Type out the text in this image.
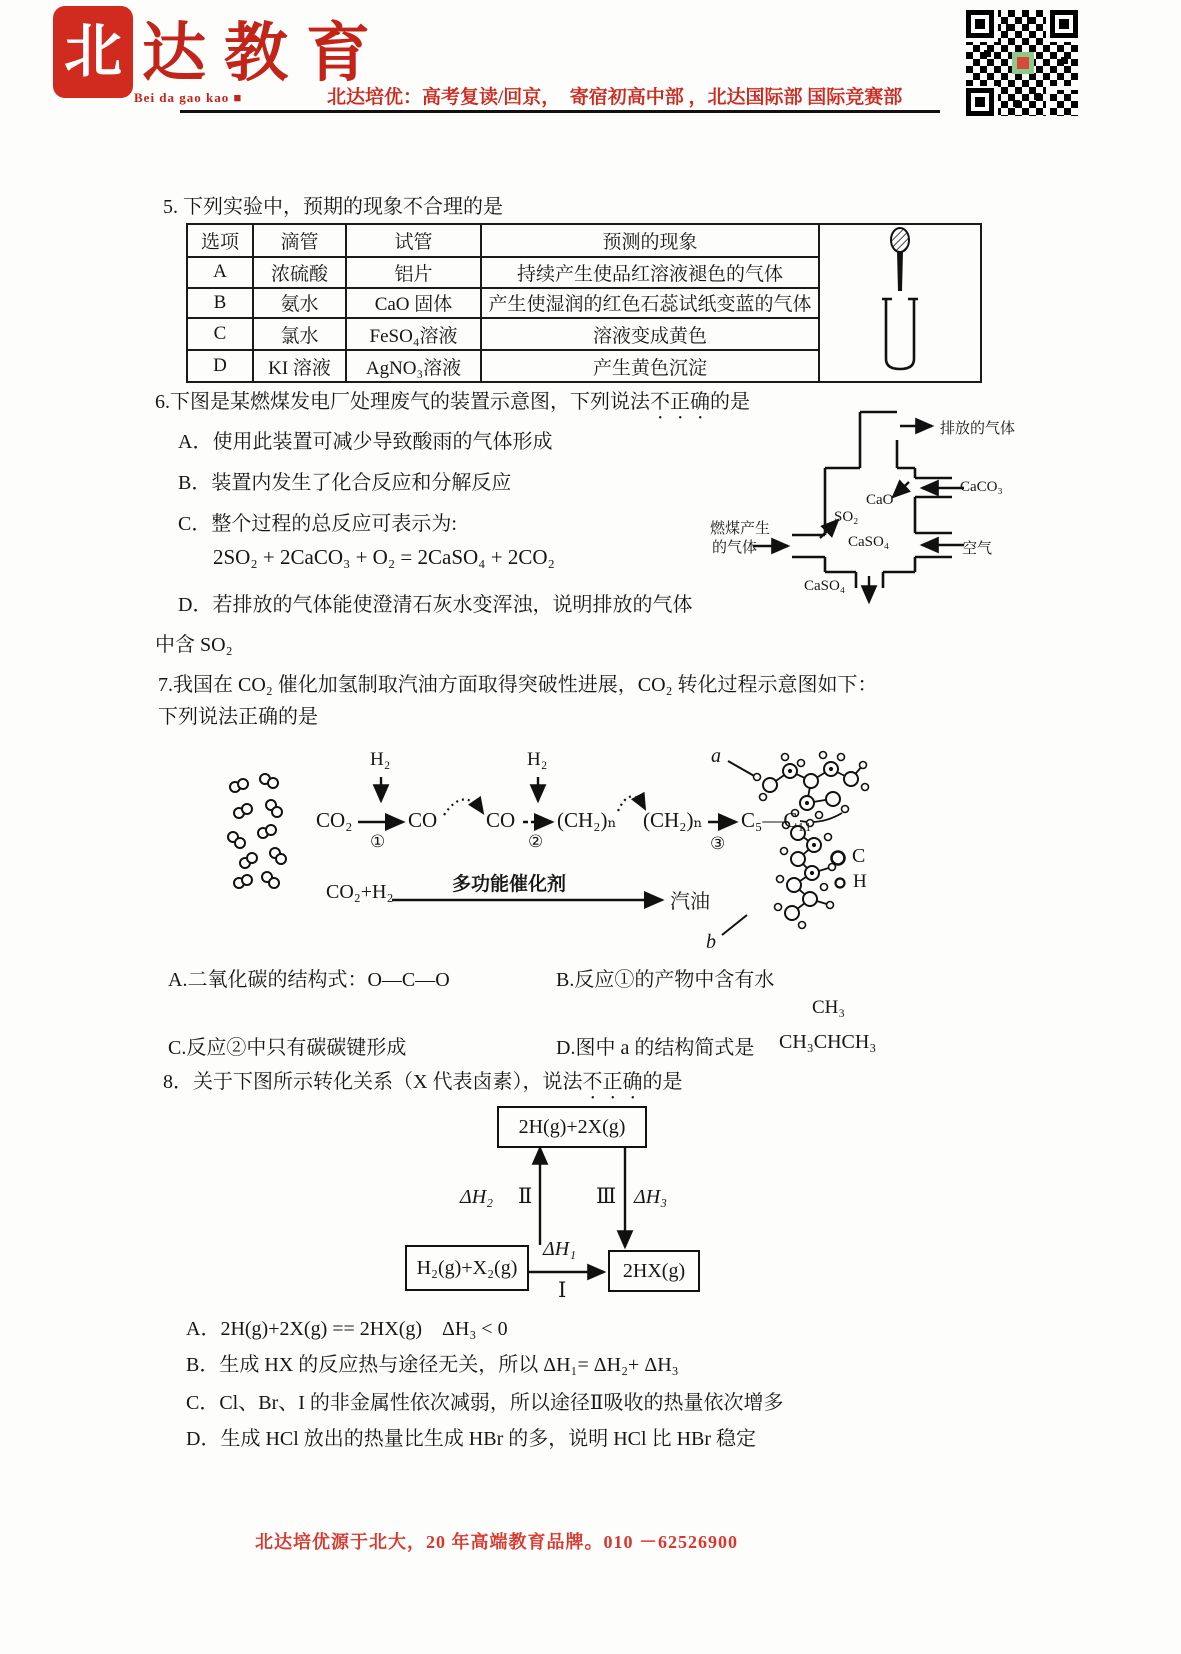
北 达教育
Bei da gao kao ■	北达培优：高考复读/回京，　寄宿初高中部 ，北达国际部 国际竞赛部
5. 下列实验中，预期的现象不合理的是
选项	滴管	试管	预测的现象	
A	浓硫酸	铝片	持续产生使品红溶液褪色的气体	
B	氨水	CaO 固体	产生使湿润的红色石蕊试纸变蓝的气体	
C	氯水	FeSO₄溶液	溶液变成黄色	
D	KI 溶液	AgNO₃溶液	产生黄色沉淀	
6.下图是某燃煤发电厂处理废气的装置示意图，下列说法不正确的是
A．使用此装置可减少导致酸雨的气体形成
B．装置内发生了化合反应和分解反应
C．整个过程的总反应可表示为:
2SO₂ + 2CaCO₃ + O₂ = 2CaSO₄ + 2CO₂
D．若排放的气体能使澄清石灰水变浑浊，说明排放的气体
中含 SO₂
排放的气体
CaCO₃
CaO
SO₂
CaSO₄	空气
燃煤产生
的气体
CaSO₄
7.我国在 CO₂ 催化加氢制取汽油方面取得突破性进展，CO₂ 转化过程示意图如下：
下列说法正确的是
CO₂
H₂
①
CO CO
H₂
②
(CH₂)ₙ (CH₂)ₙ
③
C₅—C₁₁
a
b
CO₂+H₂	多功能催化剂
汽油
C
H
A.二氧化碳的结构式：O—C—O	B.反应①的产物中含有水
CH₃
C.反应②中只有碳碳键形成	D.图中 a 的结构简式是 CH₃CHCH₃
8．关于下图所示转化关系（X 代表卤素），说法不正确的是
2H(g)+2X(g)
H₂(g)+X₂(g)	2HX(g)
ΔH₂ Ⅱ	Ⅲ ΔH₃
ΔH₁
Ⅰ
A．2H(g)+2X(g) == 2HX(g)　ΔH₃ < 0
B．生成 HX 的反应热与途径无关，所以 ΔH₁= ΔH₂+ ΔH₃
C．Cl、Br、I 的非金属性依次减弱，所以途径Ⅱ吸收的热量依次增多
D．生成 HCl 放出的热量比生成 HBr 的多，说明 HCl 比 HBr 稳定
北达培优源于北大，20 年高端教育品牌。010 －62526900
